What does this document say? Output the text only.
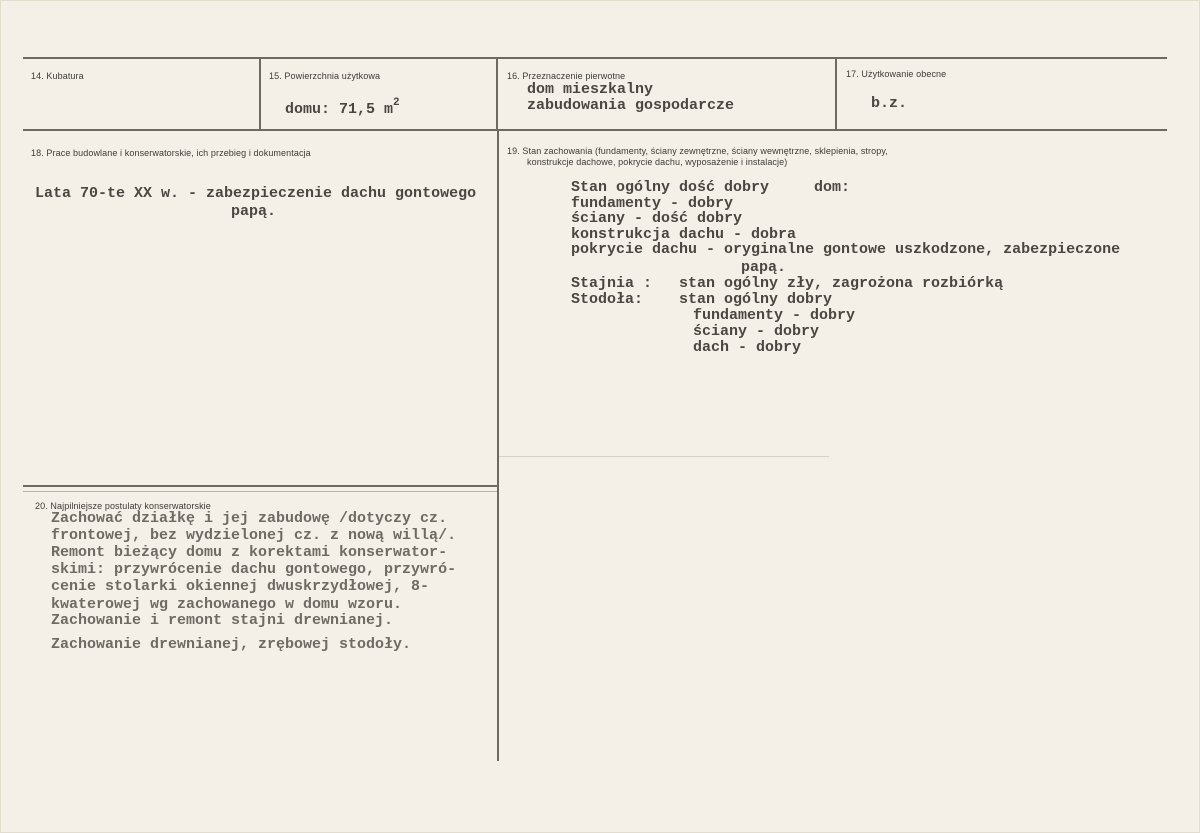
14. Kubatura	15. Powierzchnia użytkowa
domu: 71,5 $m^2$
16. Przeznaczenie pierwotne
dom mieszkalny
zabudowania gospodarcze
17. Użytkowanie obecne
b.z.
18. Prace budowlane i konserwatorskie, ich przebieg i dokumentacja
Lata 70-te XX w. - zabezpieczenie dachu gontowego
papą.
19. Stan zachowania (fundamenty, ściany zewnętrzne, ściany wewnętrzne, sklepienia, stropy,
konstrukcje dachowe, pokrycie dachu, wyposażenie i instalacje)
Stan ogólny dość dobry     dom:
fundamenty - dobry
ściany - dość dobry
konstrukcja dachu - dobra
pokrycie dachu - oryginalne gontowe uszkodzone, zabezpieczone
papą.
Stajnia :   stan ogólny zły, zagrożona rozbiórką
Stodoła:    stan ogólny dobry
fundamenty - dobry
ściany - dobry
dach - dobry
20. Najpilniejsze postulaty konserwatorskie
Zachować działkę i jej zabudowę /dotyczy cz.
frontowej, bez wydzielonej cz. z nową willą/.
Remont bieżący domu z korektami konserwator-
skimi: przywrócenie dachu gontowego, przywró-
cenie stolarki okiennej dwuskrzydłowej, 8-
kwaterowej wg zachowanego w domu wzoru.
Zachowanie i remont stajni drewnianej.
Zachowanie drewnianej, zrębowej stodoły.
